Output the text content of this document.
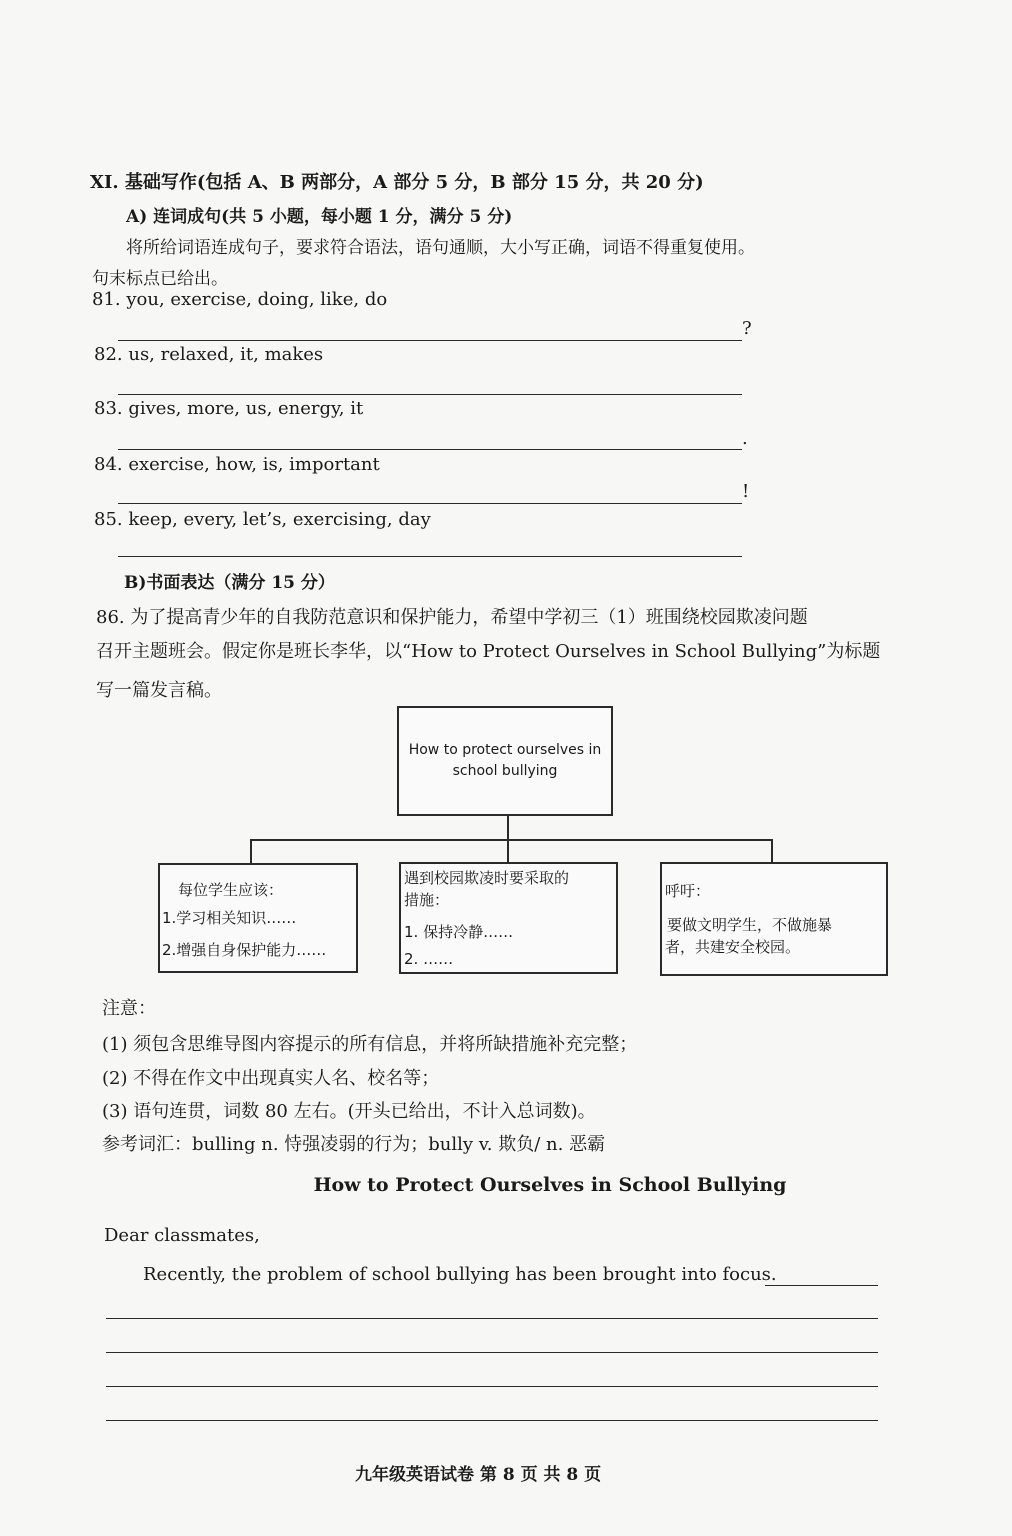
XI. 基础写作(包括 A、B 两部分，A 部分 5 分，B 部分 15 分，共 20 分)
A) 连词成句(共 5 小题，每小题 1 分，满分 5 分)
将所给词语连成句子，要求符合语法，语句通顺，大小写正确，词语不得重复使用。
句末标点已给出。
81. you, exercise, doing, like, do
?
82. us, relaxed, it, makes
83. gives, more, us, energy, it
.
84. exercise, how, is, important
!
85. keep, every, let’s, exercising, day
B)书面表达（满分 15 分）
86. 为了提高青少年的自我防范意识和保护能力，希望中学初三（1）班围绕校园欺凌问题
召开主题班会。假定你是班长李华，以“How to Protect Ourselves in School Bullying”为标题
写一篇发言稿。
How to protect ourselves in
school bullying
每位学生应该：
1.学习相关知识……
2.增强自身保护能力……
遇到校园欺凌时要采取的
措施：
1. 保持冷静……
2. ……
呼吁：
要做文明学生，不做施暴
者，共建安全校园。
注意：
(1) 须包含思维导图内容提示的所有信息，并将所缺措施补充完整；
(2) 不得在作文中出现真实人名、校名等；
(3) 语句连贯，词数 80 左右。(开头已给出，不计入总词数)。
参考词汇：bulling n. 恃强凌弱的行为；bully v. 欺负/ n. 恶霸
How to Protect Ourselves in School Bullying
Dear classmates,
Recently, the problem of school bullying has been brought into focus.
九年级英语试卷 第 8 页 共 8 页
